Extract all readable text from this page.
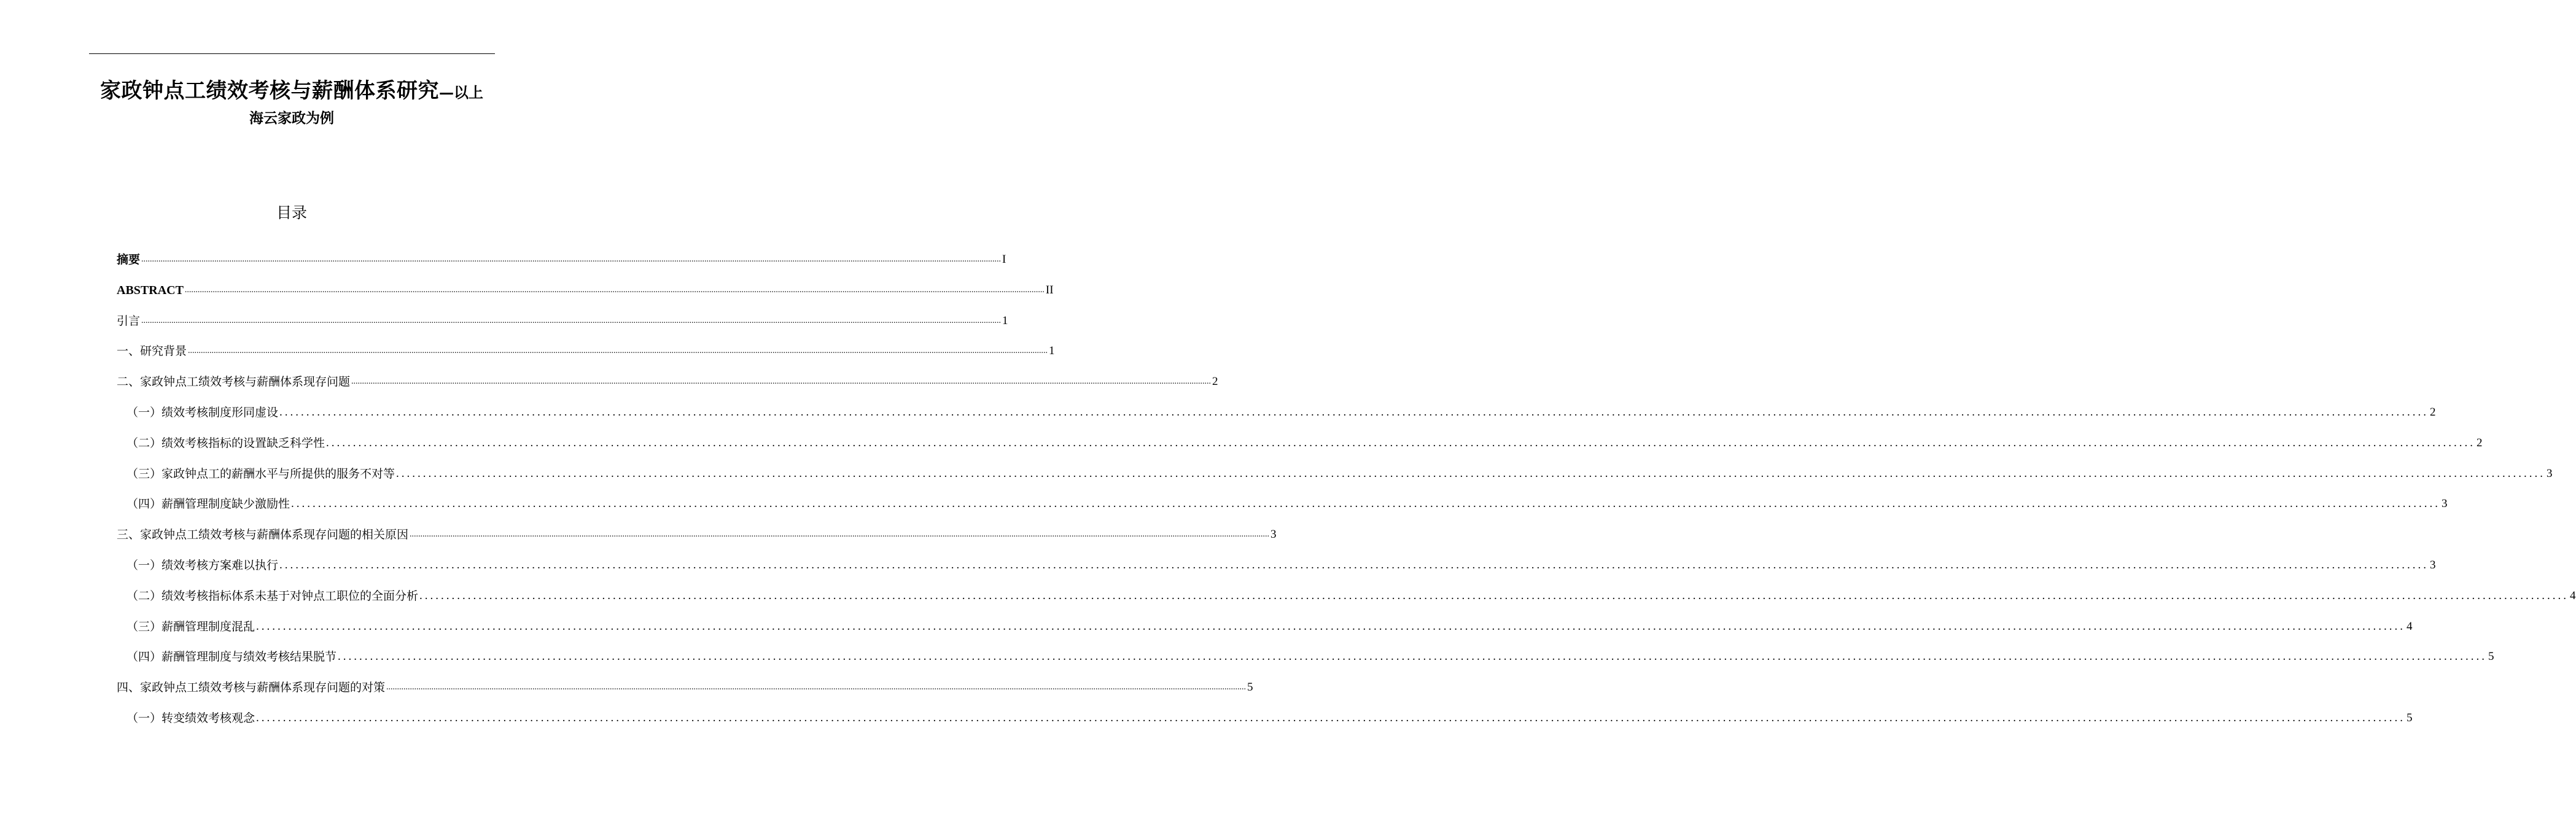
家政钟点工绩效考核与薪酬体系研究—以上
海云家政为例
目录
摘要 ................................................................................................................................................................................................................................................................................................................................................................................................................ I
ABSTRACT ................................................................................................................................................................................................................................................................................................................................................................................................................ II
引言 ................................................................................................................................................................................................................................................................................................................................................................................................................ 1
一、研究背景 ................................................................................................................................................................................................................................................................................................................................................................................................................ 1
二、家政钟点工绩效考核与薪酬体系现存问题 ................................................................................................................................................................................................................................................................................................................................................................................................................ 2
（一）绩效考核制度形同虚设 ................................................................................................................................................................................................................................................................................................................................................................................................................ 2
（二）绩效考核指标的设置缺乏科学性 ................................................................................................................................................................................................................................................................................................................................................................................................................ 2
（三）家政钟点工的薪酬水平与所提供的服务不对等 ................................................................................................................................................................................................................................................................................................................................................................................................................ 3
（四）薪酬管理制度缺少激励性 ................................................................................................................................................................................................................................................................................................................................................................................................................ 3
三、家政钟点工绩效考核与薪酬体系现存问题的相关原因 ................................................................................................................................................................................................................................................................................................................................................................................................................ 3
（一）绩效考核方案难以执行 ................................................................................................................................................................................................................................................................................................................................................................................................................ 3
（二）绩效考核指标体系未基于对钟点工职位的全面分析 ................................................................................................................................................................................................................................................................................................................................................................................................................ 4
（三）薪酬管理制度混乱 ................................................................................................................................................................................................................................................................................................................................................................................................................ 4
（四）薪酬管理制度与绩效考核结果脱节 ................................................................................................................................................................................................................................................................................................................................................................................................................ 5
四、家政钟点工绩效考核与薪酬体系现存问题的对策 ................................................................................................................................................................................................................................................................................................................................................................................................................ 5
（一）转变绩效考核观念 ................................................................................................................................................................................................................................................................................................................................................................................................................ 5
